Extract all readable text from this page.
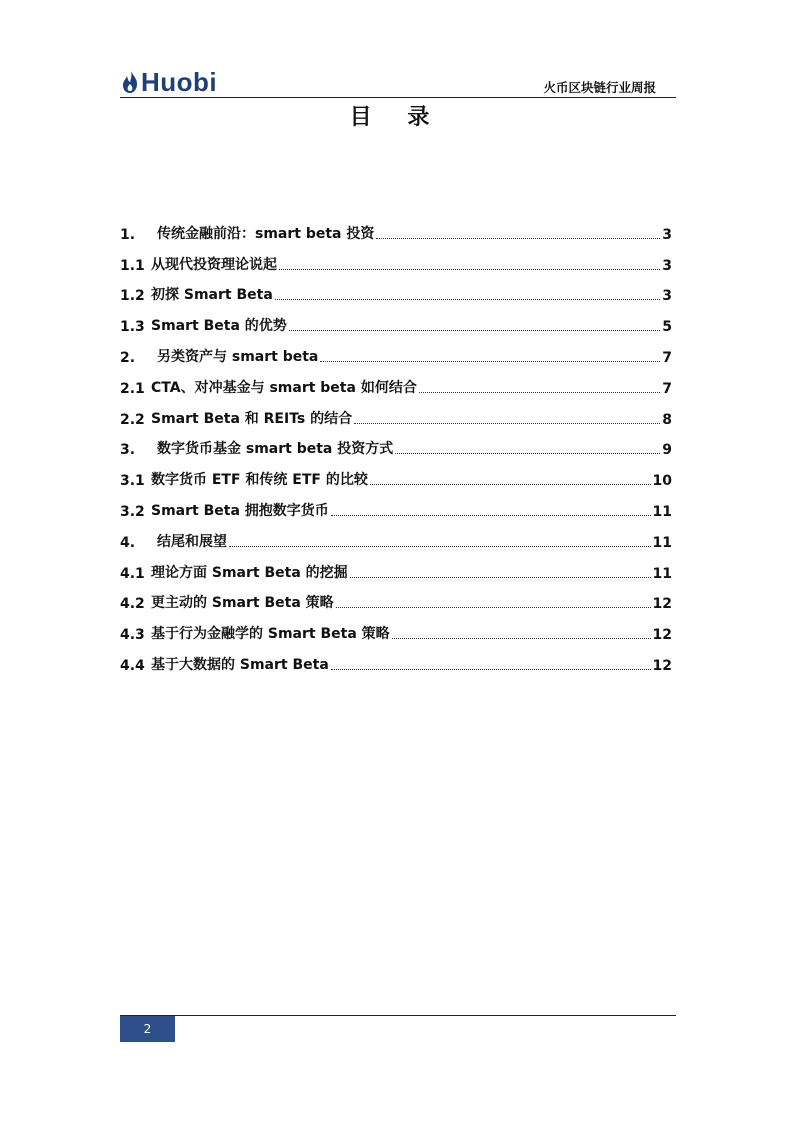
Huobi	火币区块链行业周报
目 录
1.	传统金融前沿：smart beta 投资	3
1.1 从现代投资理论说起	3
1.2 初探 Smart Beta	3
1.3 Smart Beta 的优势	5
2.	另类资产与 smart beta	7
2.1 CTA、对冲基金与 smart beta 如何结合	7
2.2 Smart Beta 和 REITs 的结合	8
3.	数字货币基金 smart beta 投资方式	9
3.1 数字货币 ETF 和传统 ETF 的比较	10
3.2 Smart Beta 拥抱数字货币	11
4.	结尾和展望	11
4.1 理论方面 Smart Beta 的挖掘	11
4.2 更主动的 Smart Beta 策略	12
4.3 基于行为金融学的 Smart Beta 策略	12
4.4 基于大数据的 Smart Beta	12
2
